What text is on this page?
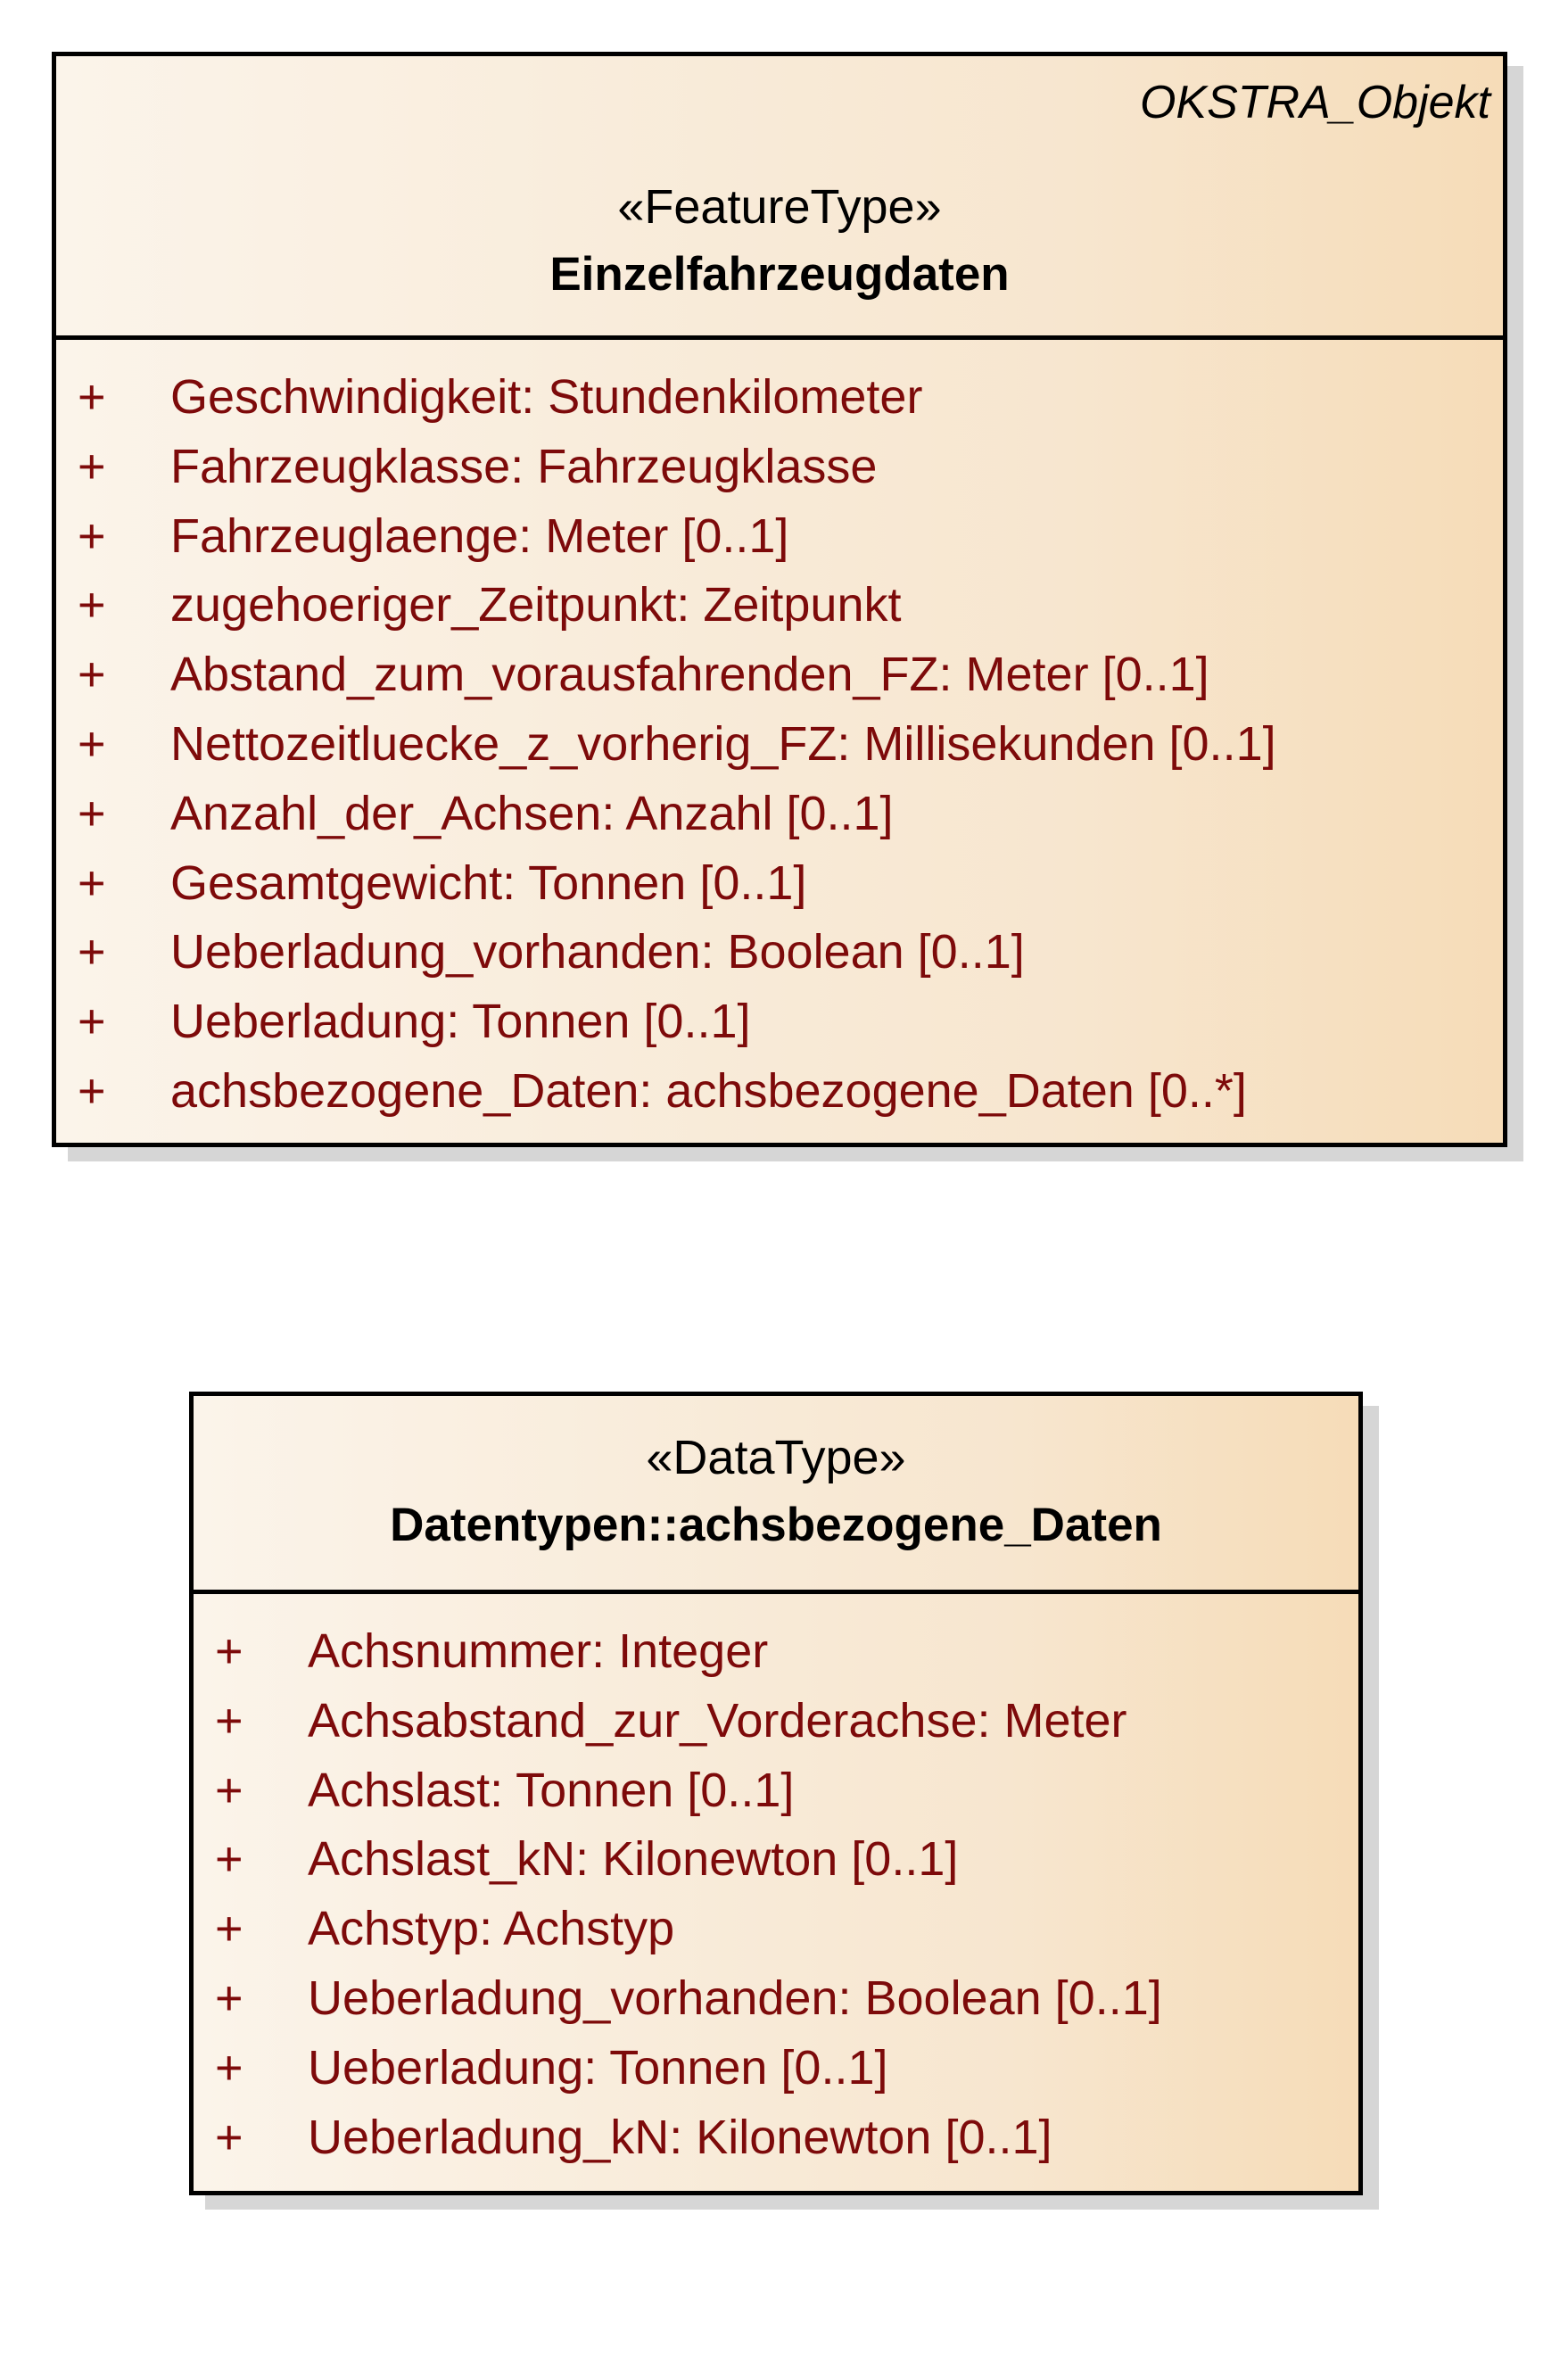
OKSTRA_Objekt
«FeatureType»
Einzelfahrzeugdaten
+ Geschwindigkeit: Stundenkilometer
+ Fahrzeugklasse: Fahrzeugklasse
+ Fahrzeuglaenge: Meter [0..1]
+ zugehoeriger_Zeitpunkt: Zeitpunkt
+ Abstand_zum_vorausfahrenden_FZ: Meter [0..1]
+ Nettozeitluecke_z_vorherig_FZ: Millisekunden [0..1]
+ Anzahl_der_Achsen: Anzahl [0..1]
+ Gesamtgewicht: Tonnen [0..1]
+ Ueberladung_vorhanden: Boolean [0..1]
+ Ueberladung: Tonnen [0..1]
+ achsbezogene_Daten: achsbezogene_Daten [0..*]
«DataType»
Datentypen::achsbezogene_Daten
+ Achsnummer: Integer
+ Achsabstand_zur_Vorderachse: Meter
+ Achslast: Tonnen [0..1]
+ Achslast_kN: Kilonewton [0..1]
+ Achstyp: Achstyp
+ Ueberladung_vorhanden: Boolean [0..1]
+ Ueberladung: Tonnen [0..1]
+ Ueberladung_kN: Kilonewton [0..1]
